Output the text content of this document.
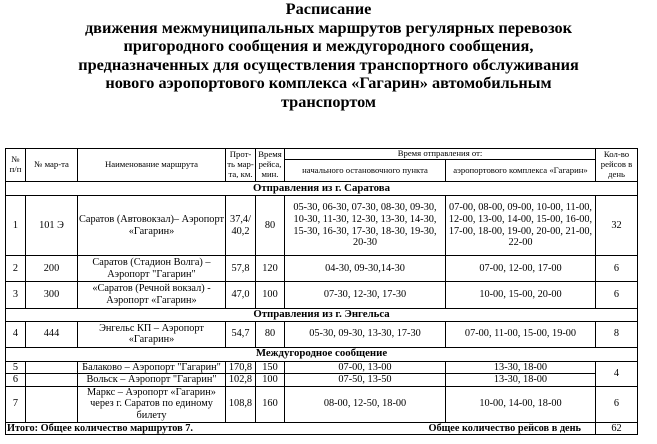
Расписание
движения межмуниципальных маршрутов регулярных перевозок
пригородного сообщения и междугородного сообщения,
предназначенных для осуществления транспортного обслуживания
нового аэропортового комплекса «Гагарин» автомобильным
транспортом
№ п/п	№ мар-та	Наименование маршрута	Прот-ть мар-та, км.	Время рейса, мин.	Время отправления от:		Кол-во рейсов в день
					начального остановочного пункта	аэропортового комплекса «Гагарин»	
Отправления из г. Саратова							
1	101 Э	Саратов (Автовокзал)– Аэропорт «Гагарин»	37,4/ 40,2	80	05-30, 06-30, 07-30, 08-30, 09-30, 10-30, 11-30, 12-30, 13-30, 14-30, 15-30, 16-30, 17-30, 18-30, 19-30, 20-30	07-00, 08-00, 09-00, 10-00, 11-00, 12-00, 13-00, 14-00, 15-00, 16-00, 17-00, 18-00, 19-00, 20-00, 21-00, 22-00	32
2	200	Саратов (Стадион Волга) – Аэропорт "Гагарин"	57,8	120	04-30, 09-30,14-30	07-00, 12-00, 17-00	6
3	300	«Саратов (Речной вокзал) - Аэропорт «Гагарин»	47,0	100	07-30, 12-30, 17-30	10-00, 15-00, 20-00	6
Отправления из г. Энгельса							
4	444	Энгельс КП – Аэропорт «Гагарин»	54,7	80	05-30, 09-30, 13-30, 17-30	07-00, 11-00, 15-00, 19-00	8
Междугородное сообщение							
5		Балаково – Аэропорт "Гагарин"	170,8	150	07-00, 13-00	13-30, 18-00	4
6		Вольск – Аэропорт "Гагарин"	102,8	100	07-50, 13-50	13-30, 18-00	
7		Маркс – Аэропорт «Гагарин» через г. Саратов по единому билету	108,8	160	08-00, 12-50, 18-00	10-00, 14-00, 18-00	6
Итого: Общее количество маршрутов 7. Общее количество рейсов в день							62
